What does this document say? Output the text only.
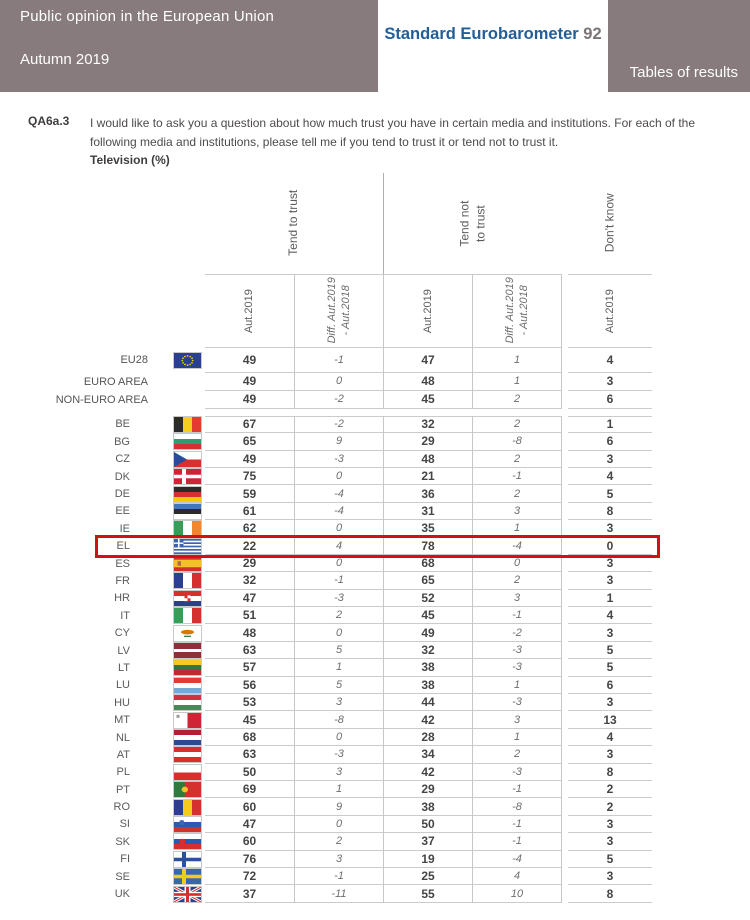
Public opinion in the European Union
Autumn 2019
Standard Eurobarometer 92
Tables of results
QA6a.3	I would like to ask you a question about how much trust you have in certain media and institutions. For each of the following media and institutions, please tell me if you tend to trust it or tend not to trust it.
Television (%)
Tend to trust	Tend not to trust	Don't know
Aut.2019	Diff. Aut.2019 - Aut.2018	Aut.2019	Diff. Aut.2019 - Aut.2018	Aut.2019
EU28	49	-1	47	1	4
EURO AREA	49	0	48	1	3
NON-EURO AREA	49	-2	45	2	6
BE	67	-2	32	2	1
BG	65	9	29	-8	6
CZ	49	-3	48	2	3
DK	75	0	21	-1	4
DE	59	-4	36	2	5
EE	61	-4	31	3	8
IE	62	0	35	1	3
EL	22	4	78	-4	0
ES	29	0	68	0	3
FR	32	-1	65	2	3
HR	47	-3	52	3	1
IT	51	2	45	-1	4
CY	48	0	49	-2	3
LV	63	5	32	-3	5
LT	57	1	38	-3	5
LU	56	5	38	1	6
HU	53	3	44	-3	3
MT	45	-8	42	3	13
NL	68	0	28	1	4
AT	63	-3	34	2	3
PL	50	3	42	-3	8
PT	69	1	29	-1	2
RO	60	9	38	-8	2
SI	47	0	50	-1	3
SK	60	2	37	-1	3
FI	76	3	19	-4	5
SE	72	-1	25	4	3
UK	37	-11	55	10	8
